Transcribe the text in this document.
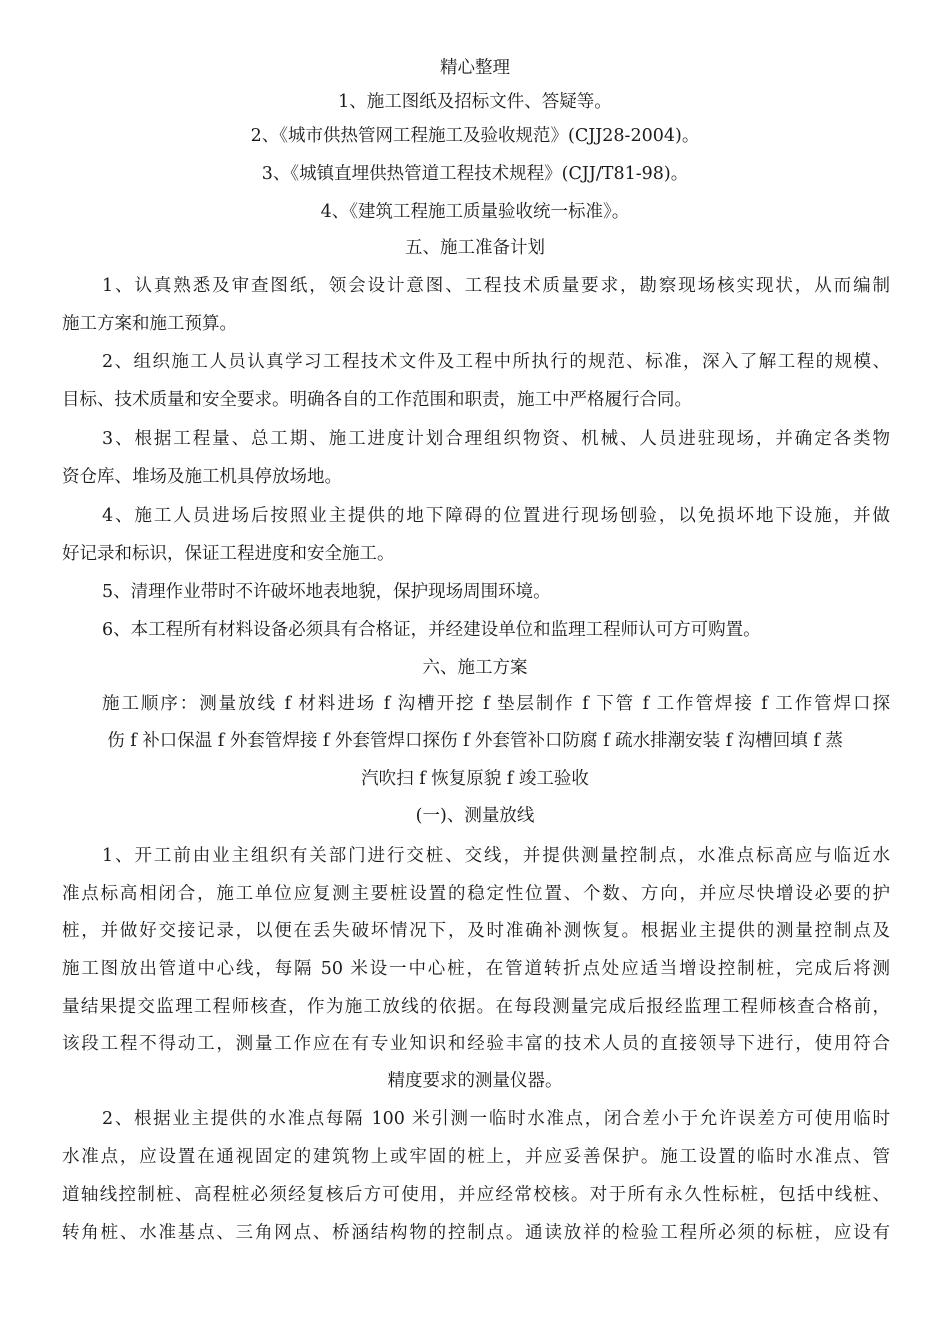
精心整理
1、施工图纸及招标文件、答疑等。
2、《城市供热管网工程施工及验收规范》(CJJ28-2004)。
3、《城镇直埋供热管道工程技术规程》(CJJ/T81-98)。
4、《建筑工程施工质量验收统一标准》。
五、施工准备计划
1、认真熟悉及审查图纸，领会设计意图、工程技术质量要求，勘察现场核实现状，从而编制
施工方案和施工预算。
2、组织施工人员认真学习工程技术文件及工程中所执行的规范、标准，深入了解工程的规模、
目标、技术质量和安全要求。明确各自的工作范围和职责，施工中严格履行合同。
3、根据工程量、总工期、施工进度计划合理组织物资、机械、人员进驻现场，并确定各类物
资仓库、堆场及施工机具停放场地。
4、施工人员进场后按照业主提供的地下障碍的位置进行现场刨验，以免损坏地下设施，并做
好记录和标识，保证工程进度和安全施工。
5、清理作业带时不许破坏地表地貌，保护现场周围环境。
6、本工程所有材料设备必须具有合格证，并经建设单位和监理工程师认可方可购置。
六、施工方案
施工顺序：测量放线 f 材料进场 f 沟槽开挖 f 垫层制作 f 下管 f 工作管焊接 f 工作管焊口探
伤 f 补口保温 f 外套管焊接 f 外套管焊口探伤 f 外套管补口防腐 f 疏水排潮安装 f 沟槽回填 f 蒸
汽吹扫 f 恢复原貌 f 竣工验收
(一)、测量放线
1、开工前由业主组织有关部门进行交桩、交线，并提供测量控制点，水准点标高应与临近水
准点标高相闭合，施工单位应复测主要桩设置的稳定性位置、个数、方向，并应尽快增设必要的护
桩，并做好交接记录，以便在丢失破坏情况下，及时准确补测恢复。根据业主提供的测量控制点及
施工图放出管道中心线，每隔 50 米设一中心桩，在管道转折点处应适当增设控制桩，完成后将测
量结果提交监理工程师核查，作为施工放线的依据。在每段测量完成后报经监理工程师核查合格前，
该段工程不得动工，测量工作应在有专业知识和经验丰富的技术人员的直接领导下进行，使用符合
精度要求的测量仪器。
2、根据业主提供的水准点每隔 100 米引测一临时水准点，闭合差小于允许误差方可使用临时
水准点，应设置在通视固定的建筑物上或牢固的桩上，并应妥善保护。施工设置的临时水准点、管
道轴线控制桩、高程桩必须经复核后方可使用，并应经常校核。对于所有永久性标桩，包括中线桩、
转角桩、水准基点、三角网点、桥涵结构物的控制点。通读放祥的检验工程所必须的标桩，应设有
